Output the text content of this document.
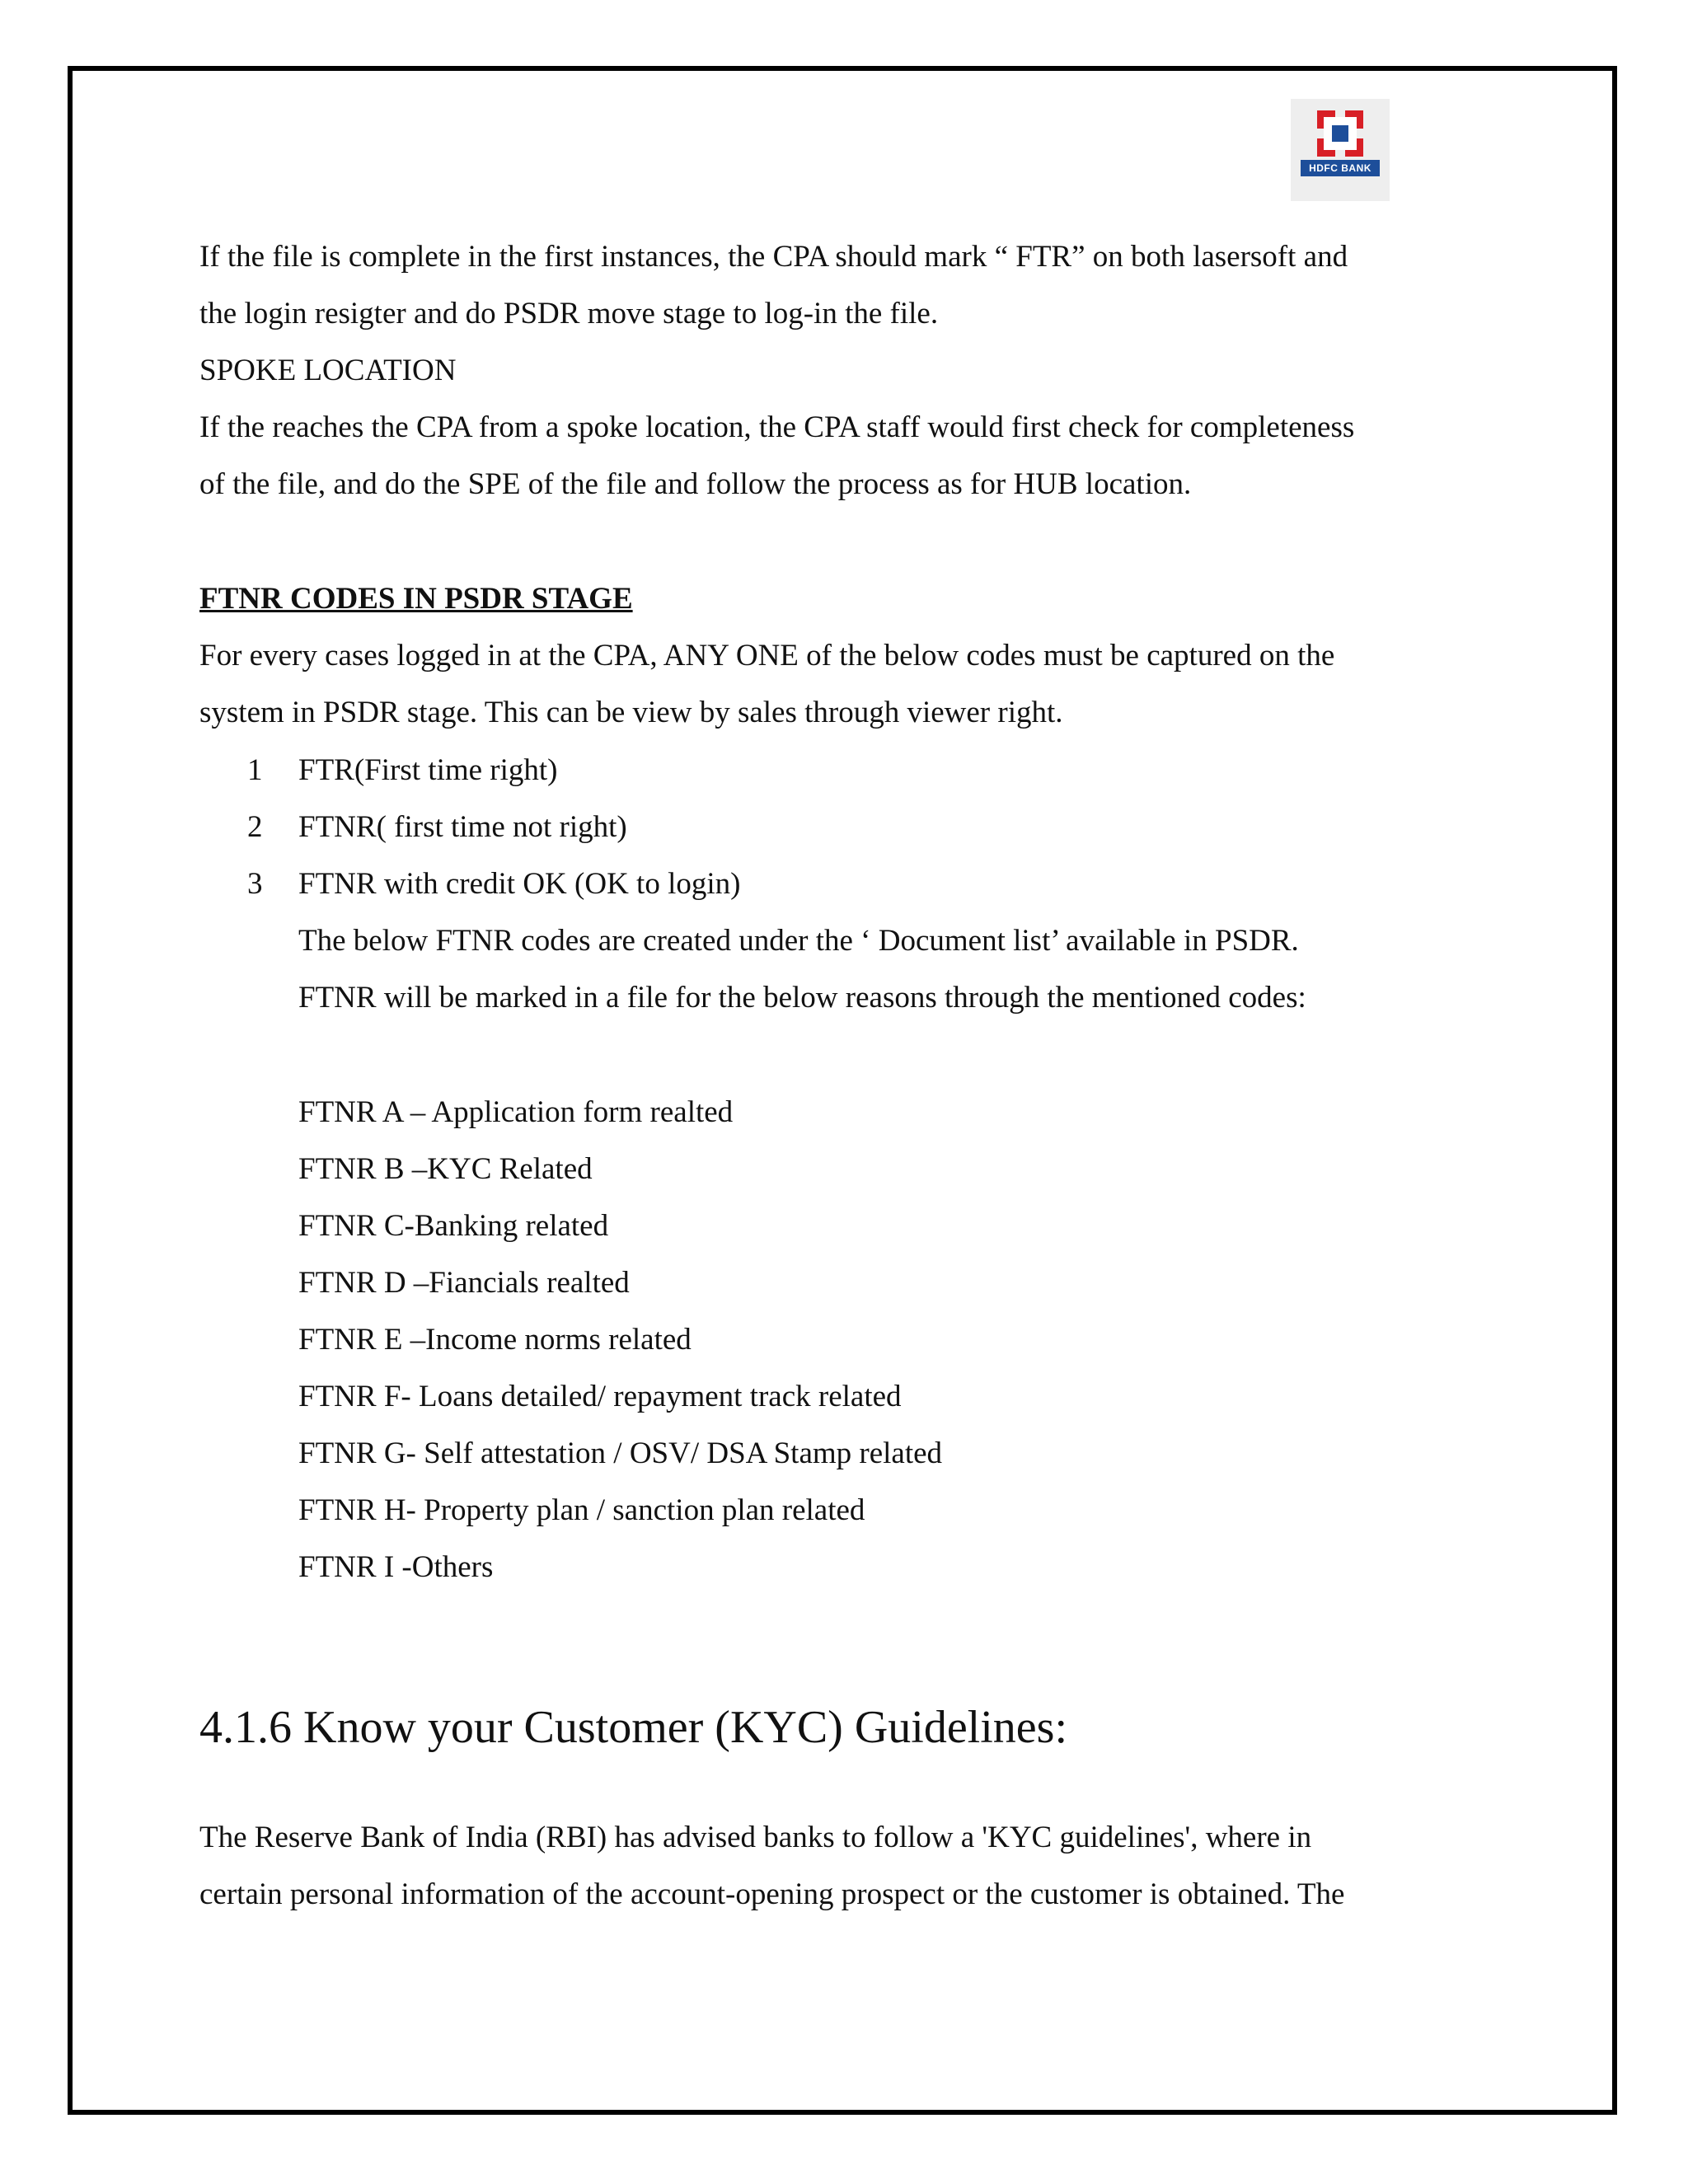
HDFC BANK
If the file is complete in the first instances, the CPA should mark “ FTR” on both lasersoft and
the login resigter and do PSDR move stage to log-in the file.
SPOKE LOCATION
If the reaches the CPA from a spoke location, the CPA staff would first check for completeness
of the file, and do the SPE of the file and follow the process as for HUB location.
FTNR CODES IN PSDR STAGE
For every cases logged in at the CPA, ANY ONE of the below codes must be captured on the
system in PSDR stage. This can be view by sales through viewer right.
1 FTR(First time right)
2 FTNR( first time not right)
3 FTNR with credit OK (OK to login)
The below FTNR codes are created under the ‘ Document list’ available in PSDR.
FTNR will be marked in a file for the below reasons through the mentioned codes:
FTNR A – Application form realted
FTNR B –KYC Related
FTNR C-Banking related
FTNR D –Fiancials realted
FTNR E –Income norms related
FTNR F- Loans detailed/ repayment track related
FTNR G- Self attestation / OSV/ DSA Stamp related
FTNR H- Property plan / sanction plan related
FTNR I -Others
4.1.6 Know your Customer (KYC) Guidelines:
The Reserve Bank of India (RBI) has advised banks to follow a 'KYC guidelines', where in
certain personal information of the account-opening prospect or the customer is obtained. The
